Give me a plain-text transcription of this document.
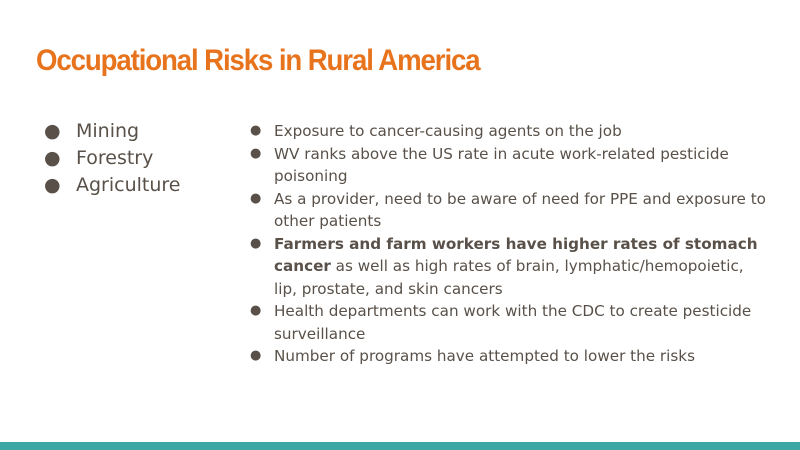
Occupational Risks in Rural America
● Mining
● Forestry
● Agriculture
● Exposure to cancer-causing agents on the job
● WV ranks above the US rate in acute work-related pesticide poisoning
● As a provider, need to be aware of need for PPE and exposure to other patients
● Farmers and farm workers have higher rates of stomach cancer as well as high rates of brain, lymphatic/hemopoietic, lip, prostate, and skin cancers
● Health departments can work with the CDC to create pesticide surveillance
● Number of programs have attempted to lower the risks
